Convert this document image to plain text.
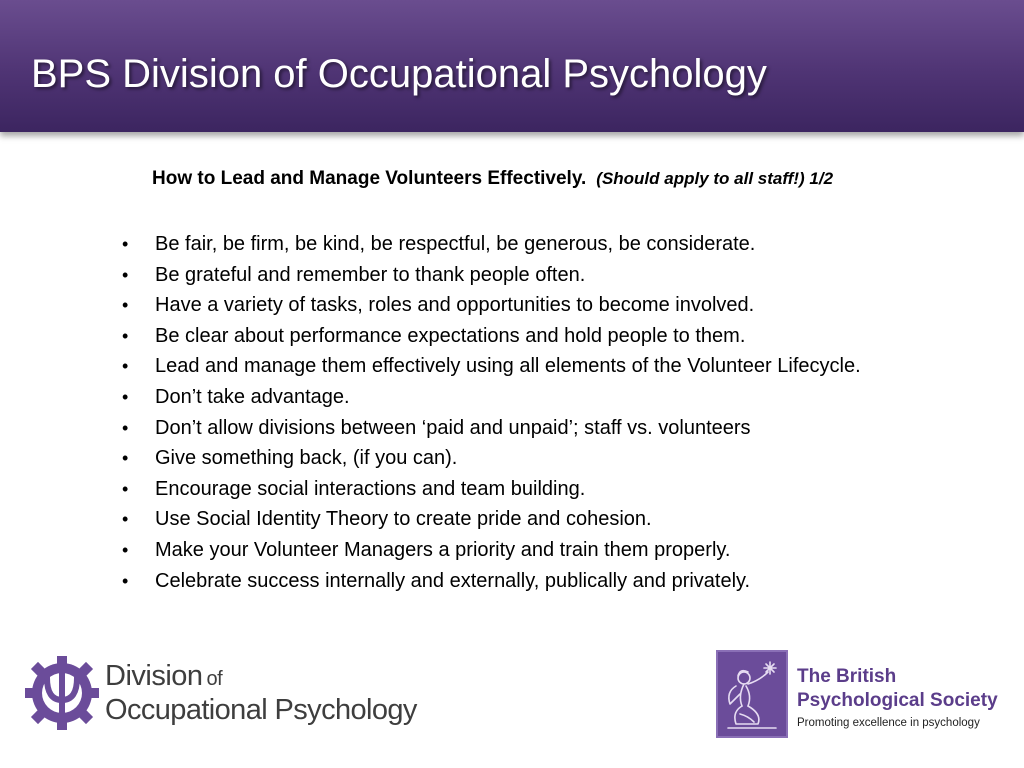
BPS Division of Occupational Psychology
How to Lead and Manage Volunteers Effectively. (Should apply to all staff!) 1/2
• Be fair, be firm, be kind, be respectful, be generous, be considerate.
• Be grateful and remember to thank people often.
• Have a variety of tasks, roles and opportunities to become involved.
• Be clear about performance expectations and hold people to them.
• Lead and manage them effectively using all elements of the Volunteer Lifecycle.
• Don’t take advantage.
• Don’t allow divisions between ‘paid and unpaid’; staff vs. volunteers
• Give something back, (if you can).
• Encourage social interactions and team building.
• Use Social Identity Theory to create pride and cohesion.
• Make your Volunteer Managers a priority and train them properly.
• Celebrate success internally and externally, publically and privately.
Division of
Occupational Psychology
The British
Psychological Society
Promoting excellence in psychology
